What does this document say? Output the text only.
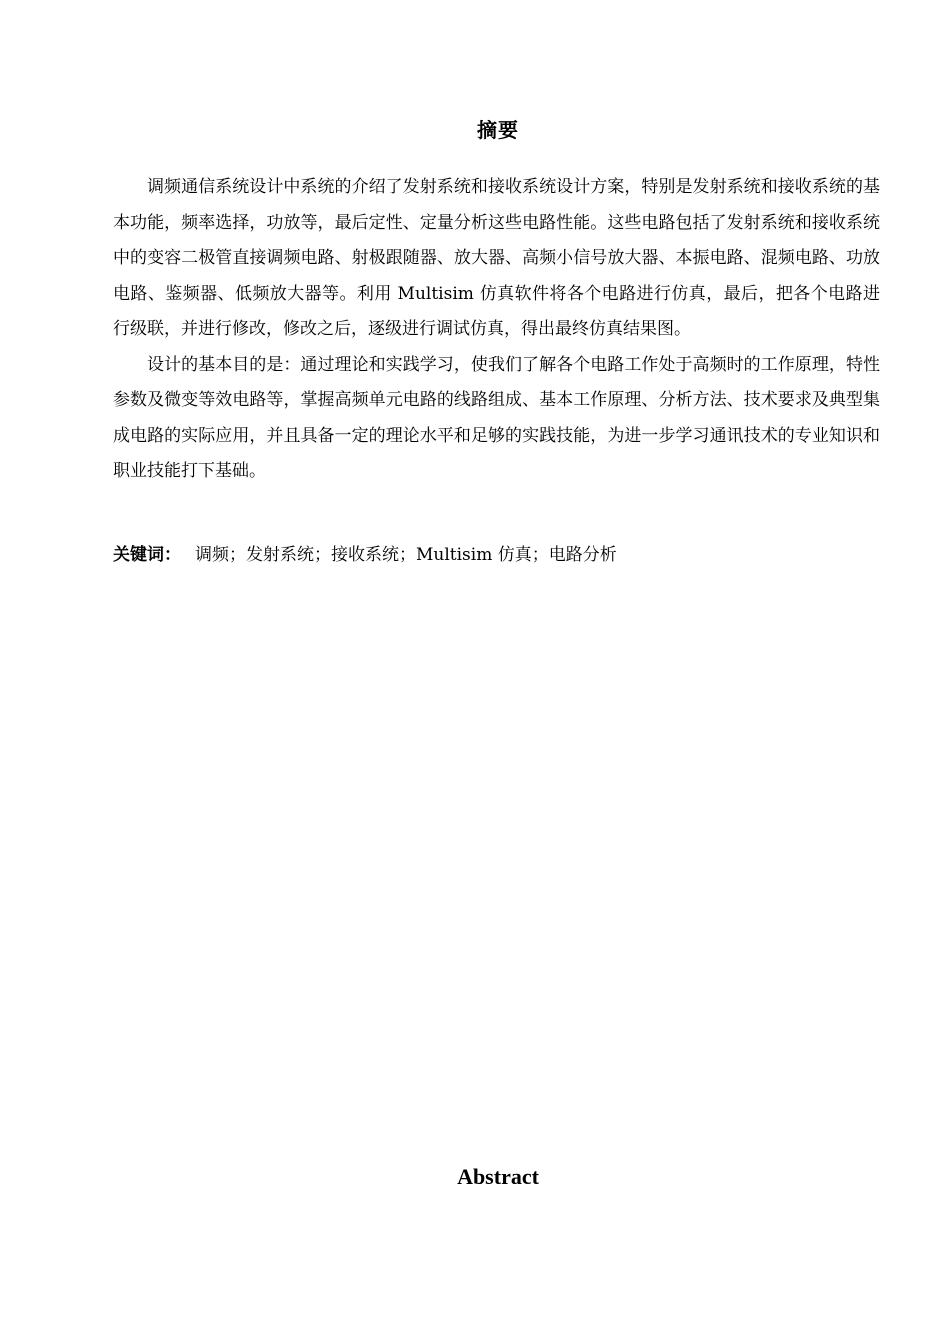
摘要

调频通信系统设计中系统的介绍了发射系统和接收系统设计方案，特别是发射系统和接收系统的基本功能，频率选择，功放等，最后定性、定量分析这些电路性能。这些电路包括了发射系统和接收系统中的变容二极管直接调频电路、射极跟随器、放大器、高频小信号放大器、本振电路、混频电路、功放电路、鉴频器、低频放大器等。利用 Multisim 仿真软件将各个电路进行仿真，最后，把各个电路进行级联，并进行修改，修改之后，逐级进行调试仿真，得出最终仿真结果图。

设计的基本目的是：通过理论和实践学习，使我们了解各个电路工作处于高频时的工作原理，特性参数及微变等效电路等，掌握高频单元电路的线路组成、基本工作原理、分析方法、技术要求及典型集成电路的实际应用，并且具备一定的理论水平和足够的实践技能，为进一步学习通讯技术的专业知识和职业技能打下基础。

关键词： 调频；发射系统；接收系统；Multisim 仿真；电路分析

Abstract
